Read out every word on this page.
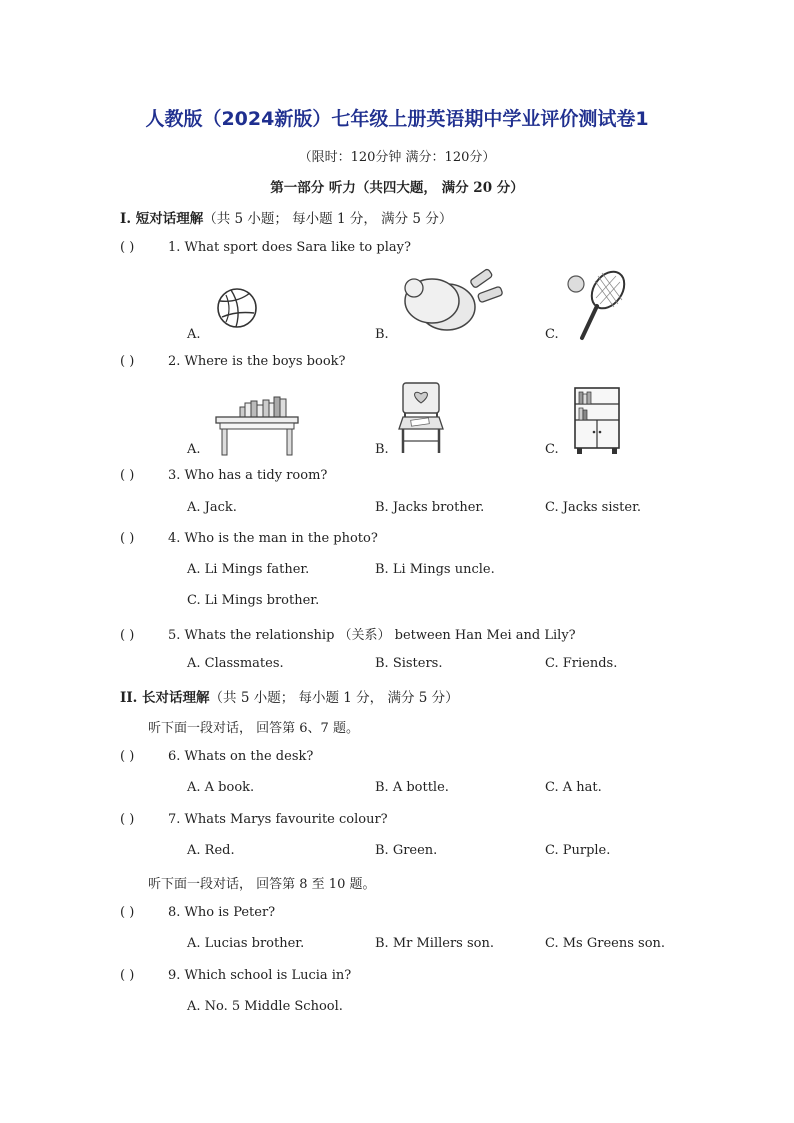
人教版（2024新版）七年级上册英语期中学业评价测试卷1
（限时：120分钟 满分：120分）
第一部分 听力（共四大题， 满分 20 分）
I. 短对话理解（共 5 小题； 每小题 1 分， 满分 5 分）
( )	1. What sport does Sara like to play?
A.	B.	C.
( )	2. Where is the boys book?
A.	B.	C.
( )	3. Who has a tidy room?
A. Jack.	B. Jacks brother.	C. Jacks sister.
( )	4. Who is the man in the photo?
A. Li Mings father.	B. Li Mings uncle.
C. Li Mings brother.
( )	5. Whats the relationship （关系） between Han Mei and Lily?
A. Classmates.	B. Sisters.	C. Friends.
II. 长对话理解（共 5 小题； 每小题 1 分， 满分 5 分）
听下面一段对话， 回答第 6、7 题。
( )	6. Whats on the desk?
A. A book.	B. A bottle.	C. A hat.
( )	7. Whats Marys favourite colour?
A. Red.	B. Green.	C. Purple.
听下面一段对话， 回答第 8 至 10 题。
( )	8. Who is Peter?
A. Lucias brother.	B. Mr Millers son.	C. Ms Greens son.
( )	9. Which school is Lucia in?
A. No. 5 Middle School.
